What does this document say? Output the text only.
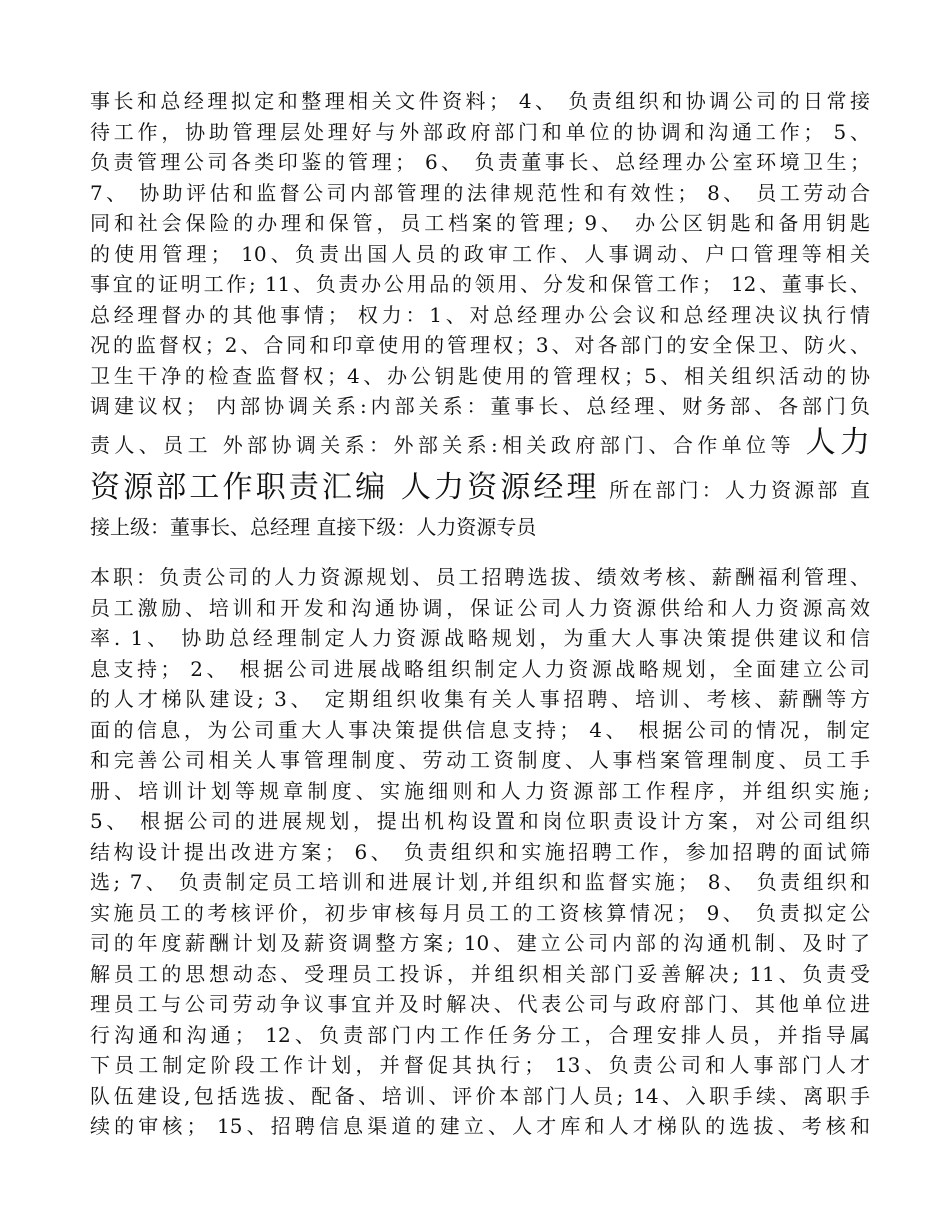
事长和总经理拟定和整理相关文件资料； 4、 负责组织和协调公司的日常接
待工作，协助管理层处理好与外部政府部门和单位的协调和沟通工作； 5、
负责管理公司各类印鉴的管理； 6、 负责董事长、总经理办公室环境卫生；
7、 协助评估和监督公司内部管理的法律规范性和有效性； 8、 员工劳动合
同和社会保险的办理和保管，员工档案的管理; 9、 办公区钥匙和备用钥匙
的使用管理； 10、负责出国人员的政审工作、人事调动、户口管理等相关
事宜的证明工作; 11、负责办公用品的领用、分发和保管工作； 12、董事长、
总经理督办的其他事情； 权力：1、对总经理办公会议和总经理决议执行情
况的监督权；2、合同和印章使用的管理权；3、对各部门的安全保卫、防火、
卫生干净的检查监督权；4、办公钥匙使用的管理权；5、相关组织活动的协
调建议权； 内部协调关系:内部关系：董事长、总经理、财务部、各部门负
责人、员工 外部协调关系：外部关系:相关政府部门、合作单位等 人力
资源部工作职责汇编 人力资源经理 所在部门：人力资源部 直
接上级：董事长、总经理 直接下级：人力资源专员
本职：负责公司的人力资源规划、员工招聘选拔、绩效考核、薪酬福利管理、
员工激励、培训和开发和沟通协调，保证公司人力资源供给和人力资源高效
率. 1、 协助总经理制定人力资源战略规划，为重大人事决策提供建议和信
息支持； 2、 根据公司进展战略组织制定人力资源战略规划，全面建立公司
的人才梯队建设; 3、 定期组织收集有关人事招聘、培训、考核、薪酬等方
面的信息，为公司重大人事决策提供信息支持； 4、 根据公司的情况，制定
和完善公司相关人事管理制度、劳动工资制度、人事档案管理制度、员工手
册、培训计划等规章制度、实施细则和人力资源部工作程序，并组织实施;
5、 根据公司的进展规划，提出机构设置和岗位职责设计方案，对公司组织
结构设计提出改进方案； 6、 负责组织和实施招聘工作，参加招聘的面试筛
选; 7、 负责制定员工培训和进展计划,并组织和监督实施； 8、 负责组织和
实施员工的考核评价，初步审核每月员工的工资核算情况； 9、 负责拟定公
司的年度薪酬计划及薪资调整方案; 10、建立公司内部的沟通机制、及时了
解员工的思想动态、受理员工投诉，并组织相关部门妥善解决; 11、负责受
理员工与公司劳动争议事宜并及时解决、代表公司与政府部门、其他单位进
行沟通和沟通； 12、负责部门内工作任务分工，合理安排人员，并指导属
下员工制定阶段工作计划，并督促其执行； 13、负责公司和人事部门人才
队伍建设,包括选拔、配备、培训、评价本部门人员; 14、入职手续、离职手
续的审核； 15、招聘信息渠道的建立、人才库和人才梯队的选拔、考核和
